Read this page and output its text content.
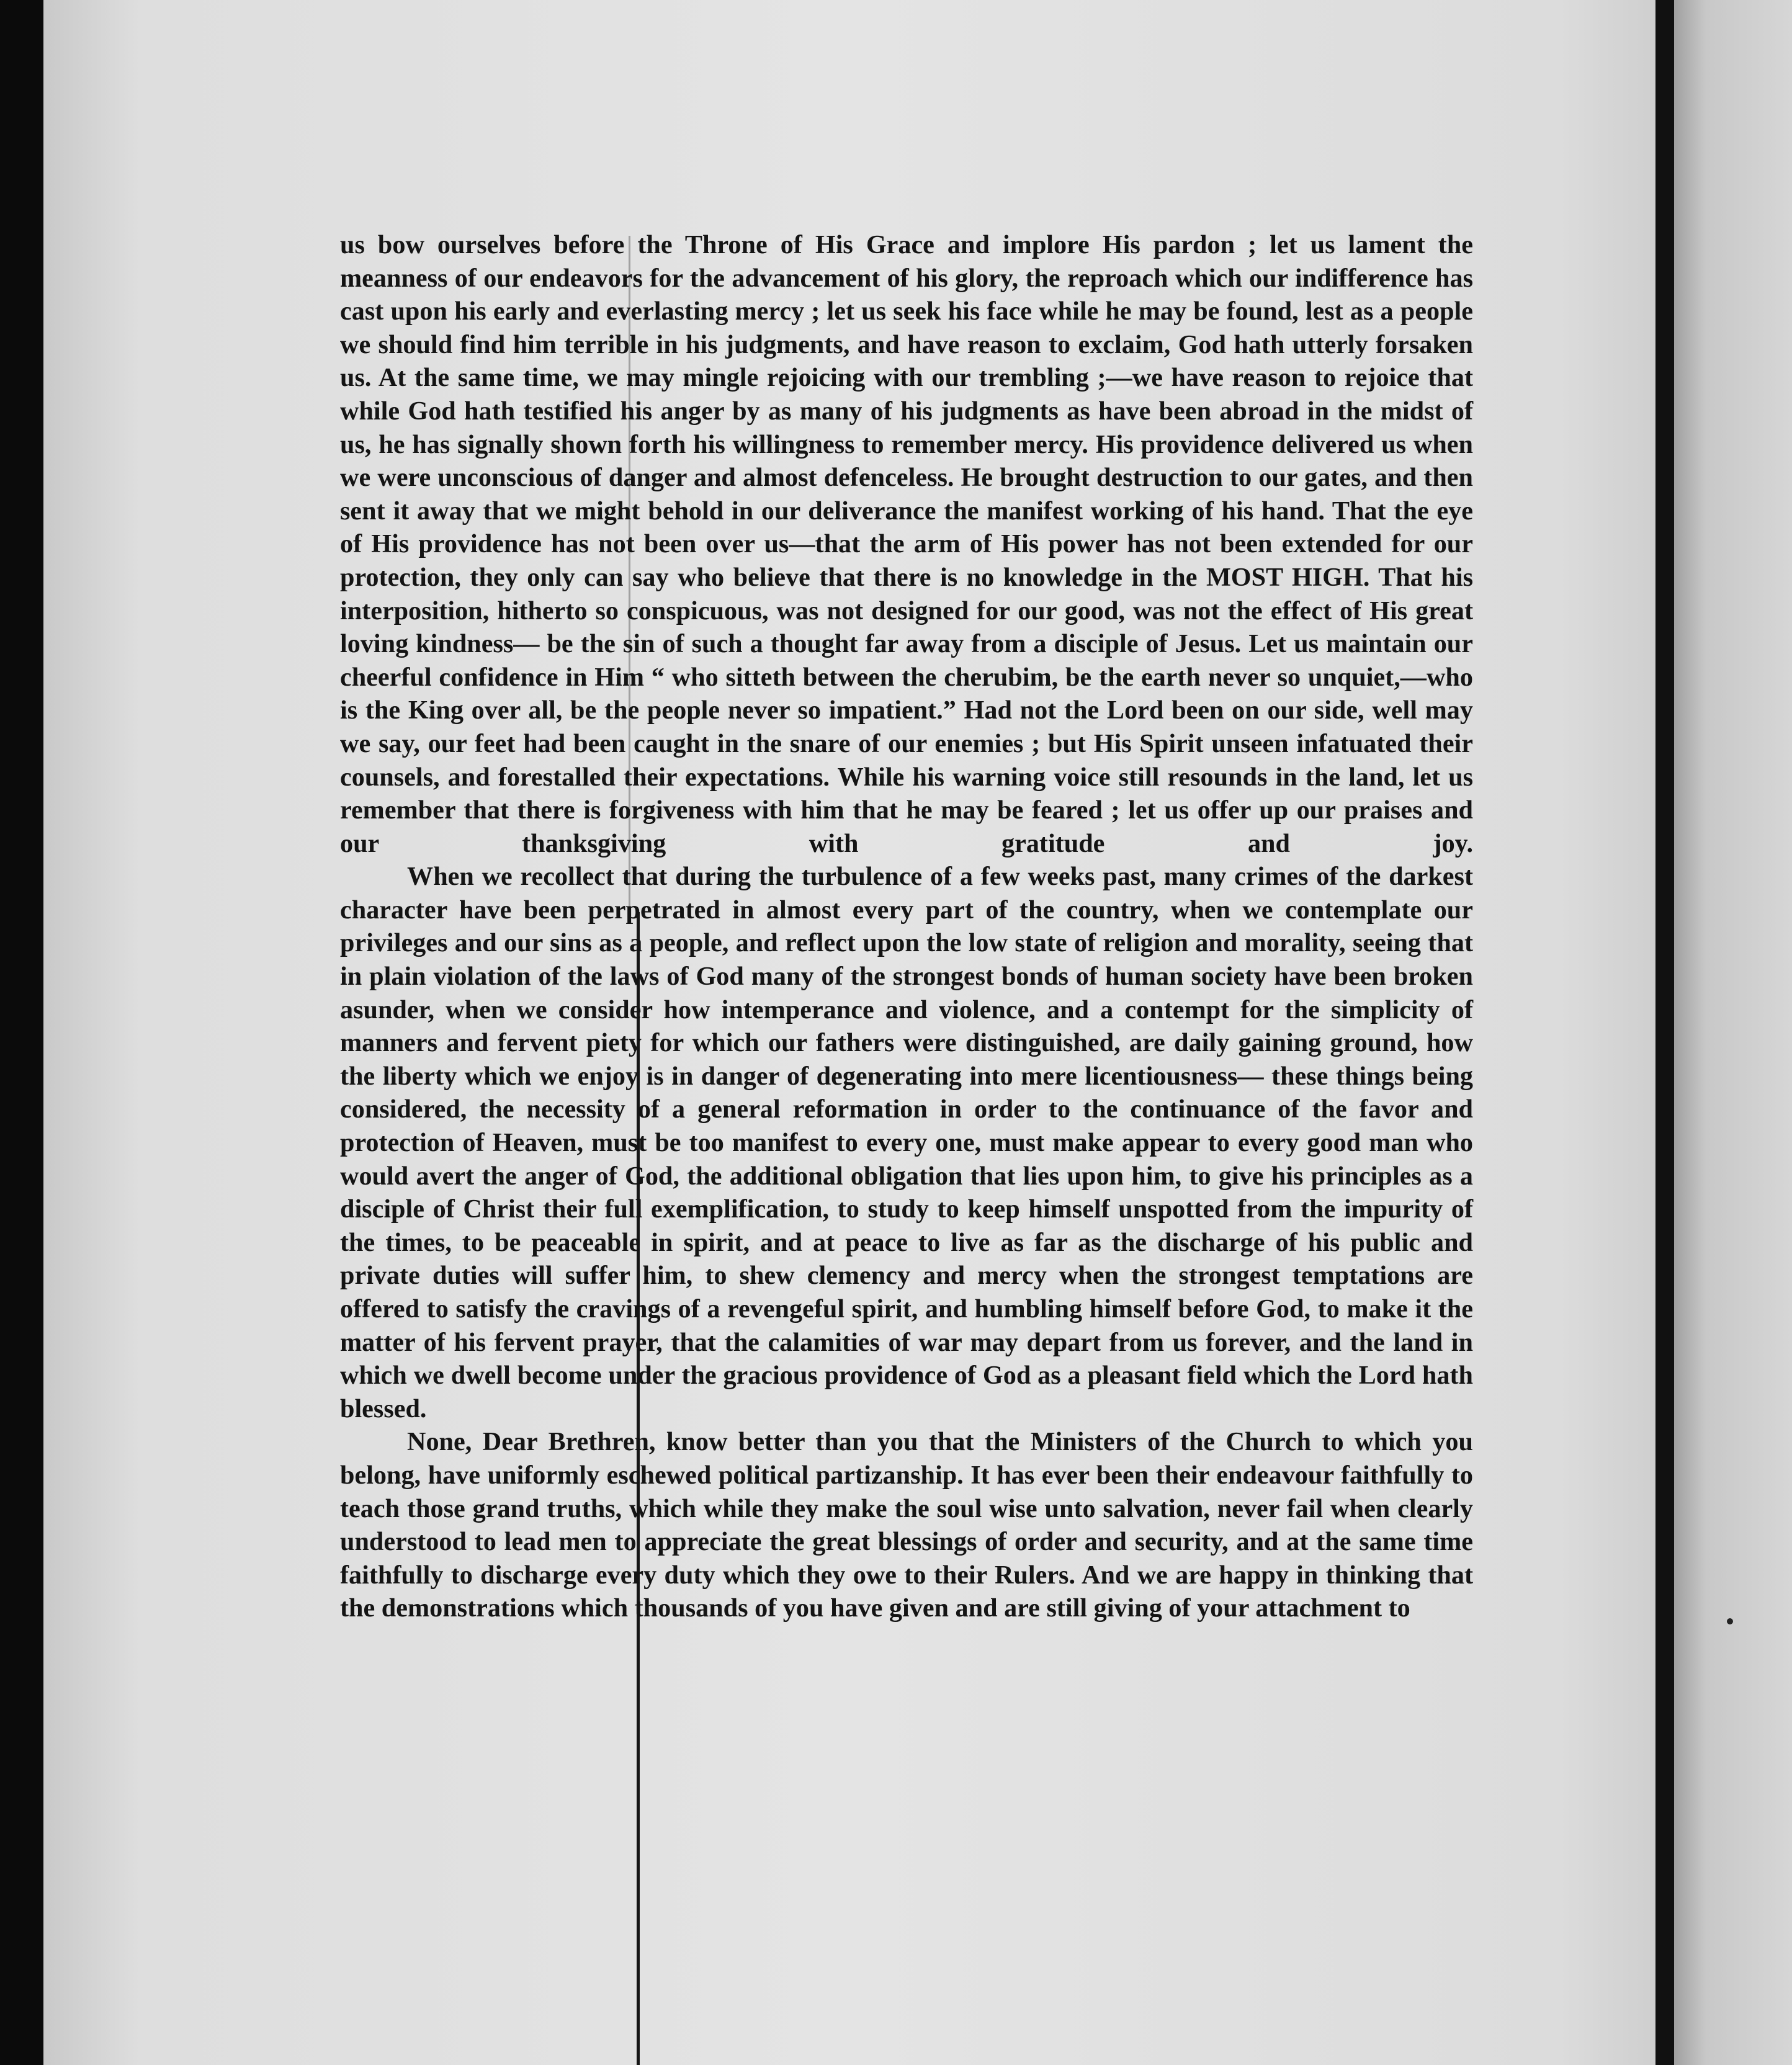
us bow ourselves before the Throne of His Grace and implore His pardon ; let us lament the meanness of our endeavors for the advancement of his glory, the reproach which our indifference has cast upon his early and everlasting mercy ; let us seek his face while he may be found, lest as a people we should find him terrible in his judgments, and have reason to exclaim, God hath utterly forsaken us. At the same time, we may mingle rejoicing with our trembling ;—we have reason to rejoice that while God hath testified his anger by as many of his judgments as have been abroad in the midst of us, he has signally shown forth his willingness to remember mercy. His providence delivered us when we were unconscious of danger and almost defenceless. He brought destruction to our gates, and then sent it away that we might behold in our deliverance the manifest working of his hand. That the eye of His providence has not been over us—that the arm of His power has not been extended for our protection, they only can say who believe that there is no knowledge in the MOST HIGH. That his interposition, hitherto so conspicuous, was not designed for our good, was not the effect of His great loving kindness— be the sin of such a thought far away from a disciple of Jesus. Let us maintain our cheerful confidence in Him “ who sitteth between the cherubim, be the earth never so unquiet,—who is the King over all, be the people never so impatient.” Had not the Lord been on our side, well may we say, our feet had been caught in the snare of our enemies ; but His Spirit unseen infatuated their counsels, and forestalled their expectations. While his warning voice still resounds in the land, let us remember that there is forgiveness with him that he may be feared ; let us offer up our praises and our thanksgiving with gratitude and joy.

When we recollect that during the turbulence of a few weeks past, many crimes of the darkest character have been perpetrated in almost every part of the country, when we contemplate our privileges and our sins as a people, and reflect upon the low state of religion and morality, seeing that in plain violation of the laws of God many of the strongest bonds of human society have been broken asunder, when we consider how intemperance and violence, and a contempt for the simplicity of manners and fervent piety for which our fathers were distinguished, are daily gaining ground, how the liberty which we enjoy is in danger of degenerating into mere licentiousness— these things being considered, the necessity of a general reformation in order to the continuance of the favor and protection of Heaven, must be too manifest to every one, must make appear to every good man who would avert the anger of God, the additional obligation that lies upon him, to give his principles as a disciple of Christ their full exemplification, to study to keep himself unspotted from the impurity of the times, to be peaceable in spirit, and at peace to live as far as the discharge of his public and private duties will suffer him, to shew clemency and mercy when the strongest temptations are offered to satisfy the cravings of a revengeful spirit, and humbling himself before God, to make it the matter of his fervent prayer, that the calamities of war may depart from us forever, and the land in which we dwell become under the gracious providence of God as a pleasant field which the Lord hath blessed.

None, Dear Brethren, know better than you that the Ministers of the Church to which you belong, have uniformly eschewed political partizanship. It has ever been their endeavour faithfully to teach those grand truths, which while they make the soul wise unto salvation, never fail when clearly understood to lead men to appreciate the great blessings of order and security, and at the same time faithfully to discharge every duty which they owe to their Rulers. And we are happy in thinking that the demonstrations which thousands of you have given and are still giving of your attachment to
